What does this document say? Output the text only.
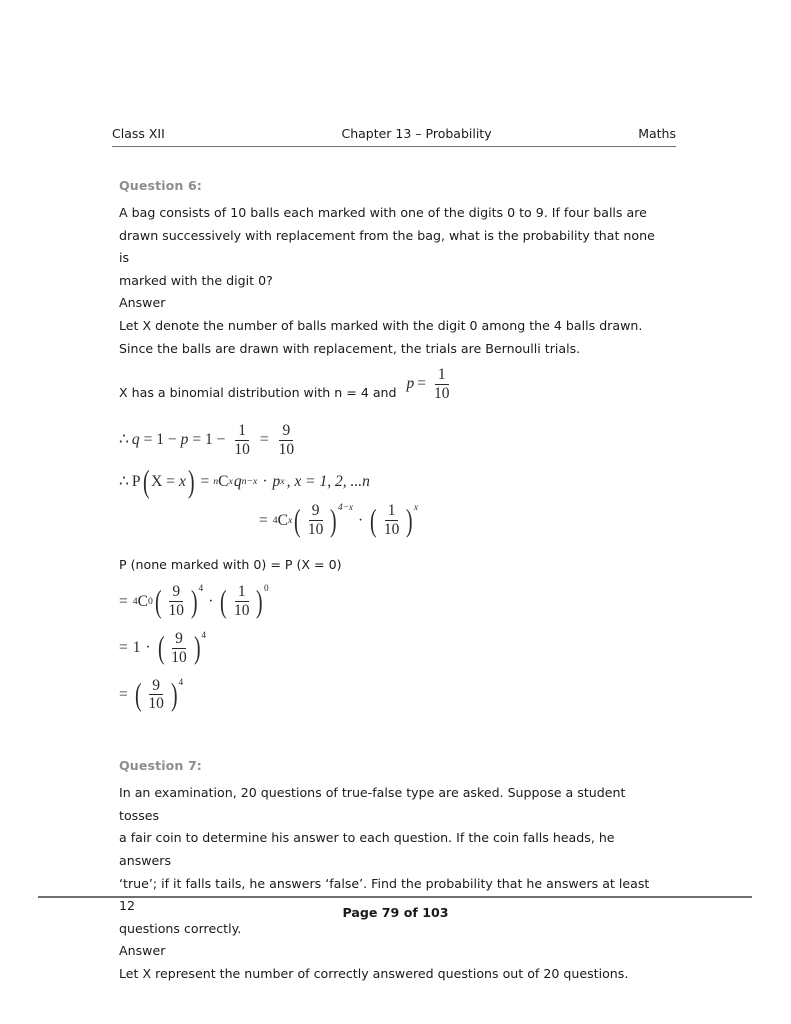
Class XII	Chapter 13 – Probability	Maths
Question 6:

A bag consists of 10 balls each marked with one of the digits 0 to 9. If four balls are
drawn successively with replacement from the bag, what is the probability that none is
marked with the digit 0?

Answer

Let X denote the number of balls marked with the digit 0 among the 4 balls drawn.
Since the balls are drawn with replacement, the trials are Bernoulli trials.

X has a binomial distribution with n = 4 and
$p = \frac{1}{10}$
∴ $q = 1 - p = 1 - \frac{1}{10} = \frac{9}{10}$
∴ P ( X = x ) = n C x q n−x · p x , x = 1, 2, ...n
= 4 C x ( $\frac{9}{10}$ ) 4−x
· ( $\frac{1}{10}$ ) x

P (none marked with 0) = P (X = 0)

= 4 C 0 ( $\frac{9}{10}$ ) 4
· ( $\frac{1}{10}$ ) 0
= 1 · ( $\frac{9}{10}$ ) 4
= ( $\frac{9}{10}$ ) 4
Question 7:

In an examination, 20 questions of true-false type are asked. Suppose a student tosses
a fair coin to determine his answer to each question. If the coin falls heads, he answers
‘true’; if it falls tails, he answers ‘false’. Find the probability that he answers at least 12
questions correctly.

Answer

Let X represent the number of correctly answered questions out of 20 questions.

Page 79 of 103
